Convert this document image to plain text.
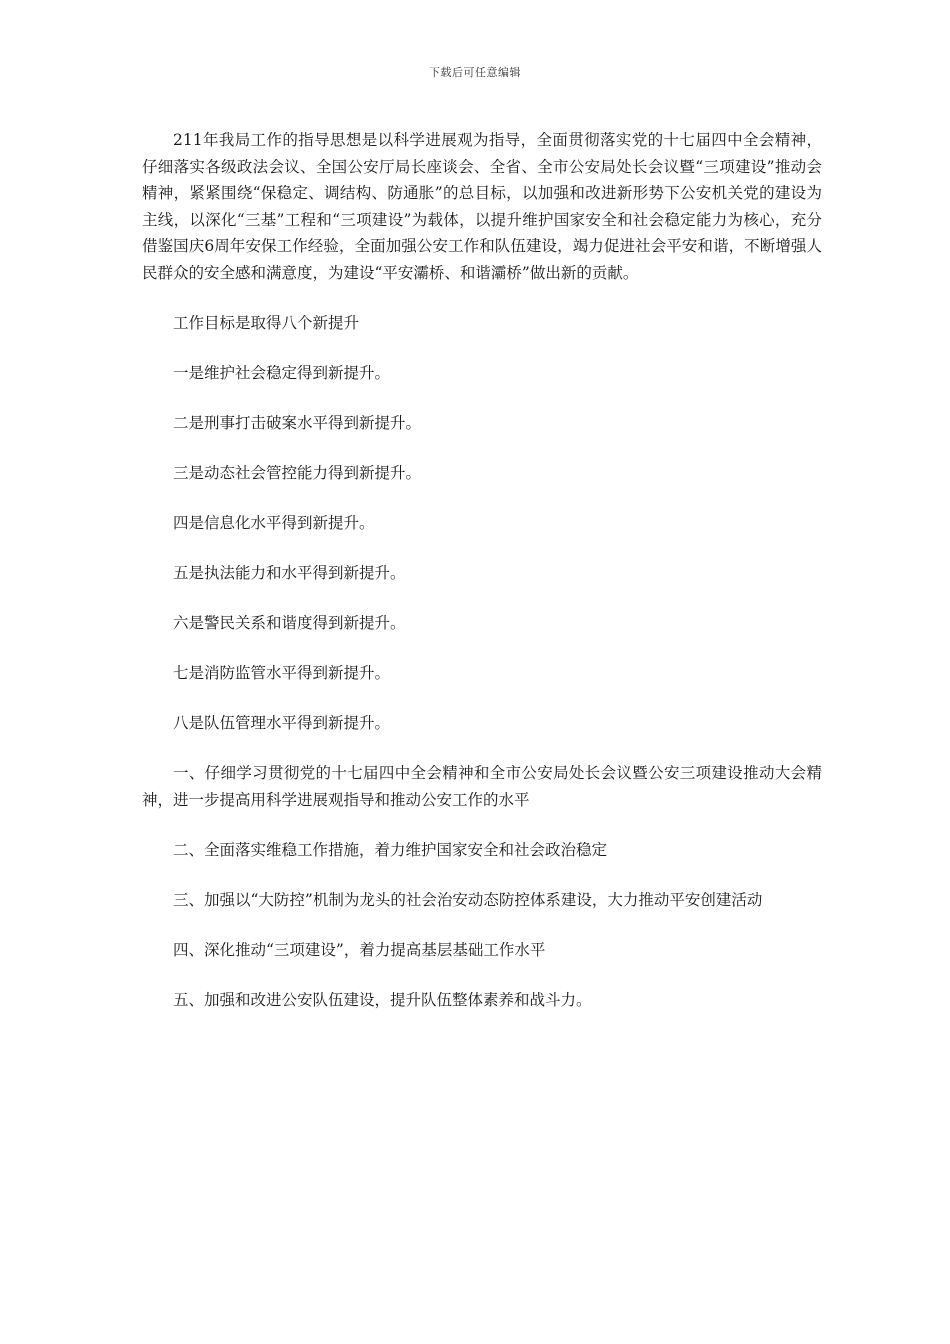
下载后可任意编辑

211年我局工作的指导思想是以科学进展观为指导，全面贯彻落实党的十七届四中全会精神，仔细落实各级政法会议、全国公安厅局长座谈会、全省、全市公安局处长会议暨“三项建设”推动会精神，紧紧围绕“保稳定、调结构、防通胀”的总目标，以加强和改进新形势下公安机关党的建设为主线，以深化“三基”工程和“三项建设”为载体，以提升维护国家安全和社会稳定能力为核心，充分借鉴国庆6周年安保工作经验，全面加强公安工作和队伍建设，竭力促进社会平安和谐，不断增强人民群众的安全感和满意度，为建设“平安灞桥、和谐灞桥”做出新的贡献。

工作目标是取得八个新提升

一是维护社会稳定得到新提升。

二是刑事打击破案水平得到新提升。

三是动态社会管控能力得到新提升。

四是信息化水平得到新提升。

五是执法能力和水平得到新提升。

六是警民关系和谐度得到新提升。

七是消防监管水平得到新提升。

八是队伍管理水平得到新提升。

一、仔细学习贯彻党的十七届四中全会精神和全市公安局处长会议暨公安三项建设推动大会精神，进一步提高用科学进展观指导和推动公安工作的水平

二、全面落实维稳工作措施，着力维护国家安全和社会政治稳定

三、加强以“大防控”机制为龙头的社会治安动态防控体系建设，大力推动平安创建活动

四、深化推动“三项建设”，着力提高基层基础工作水平

五、加强和改进公安队伍建设，提升队伍整体素养和战斗力。
